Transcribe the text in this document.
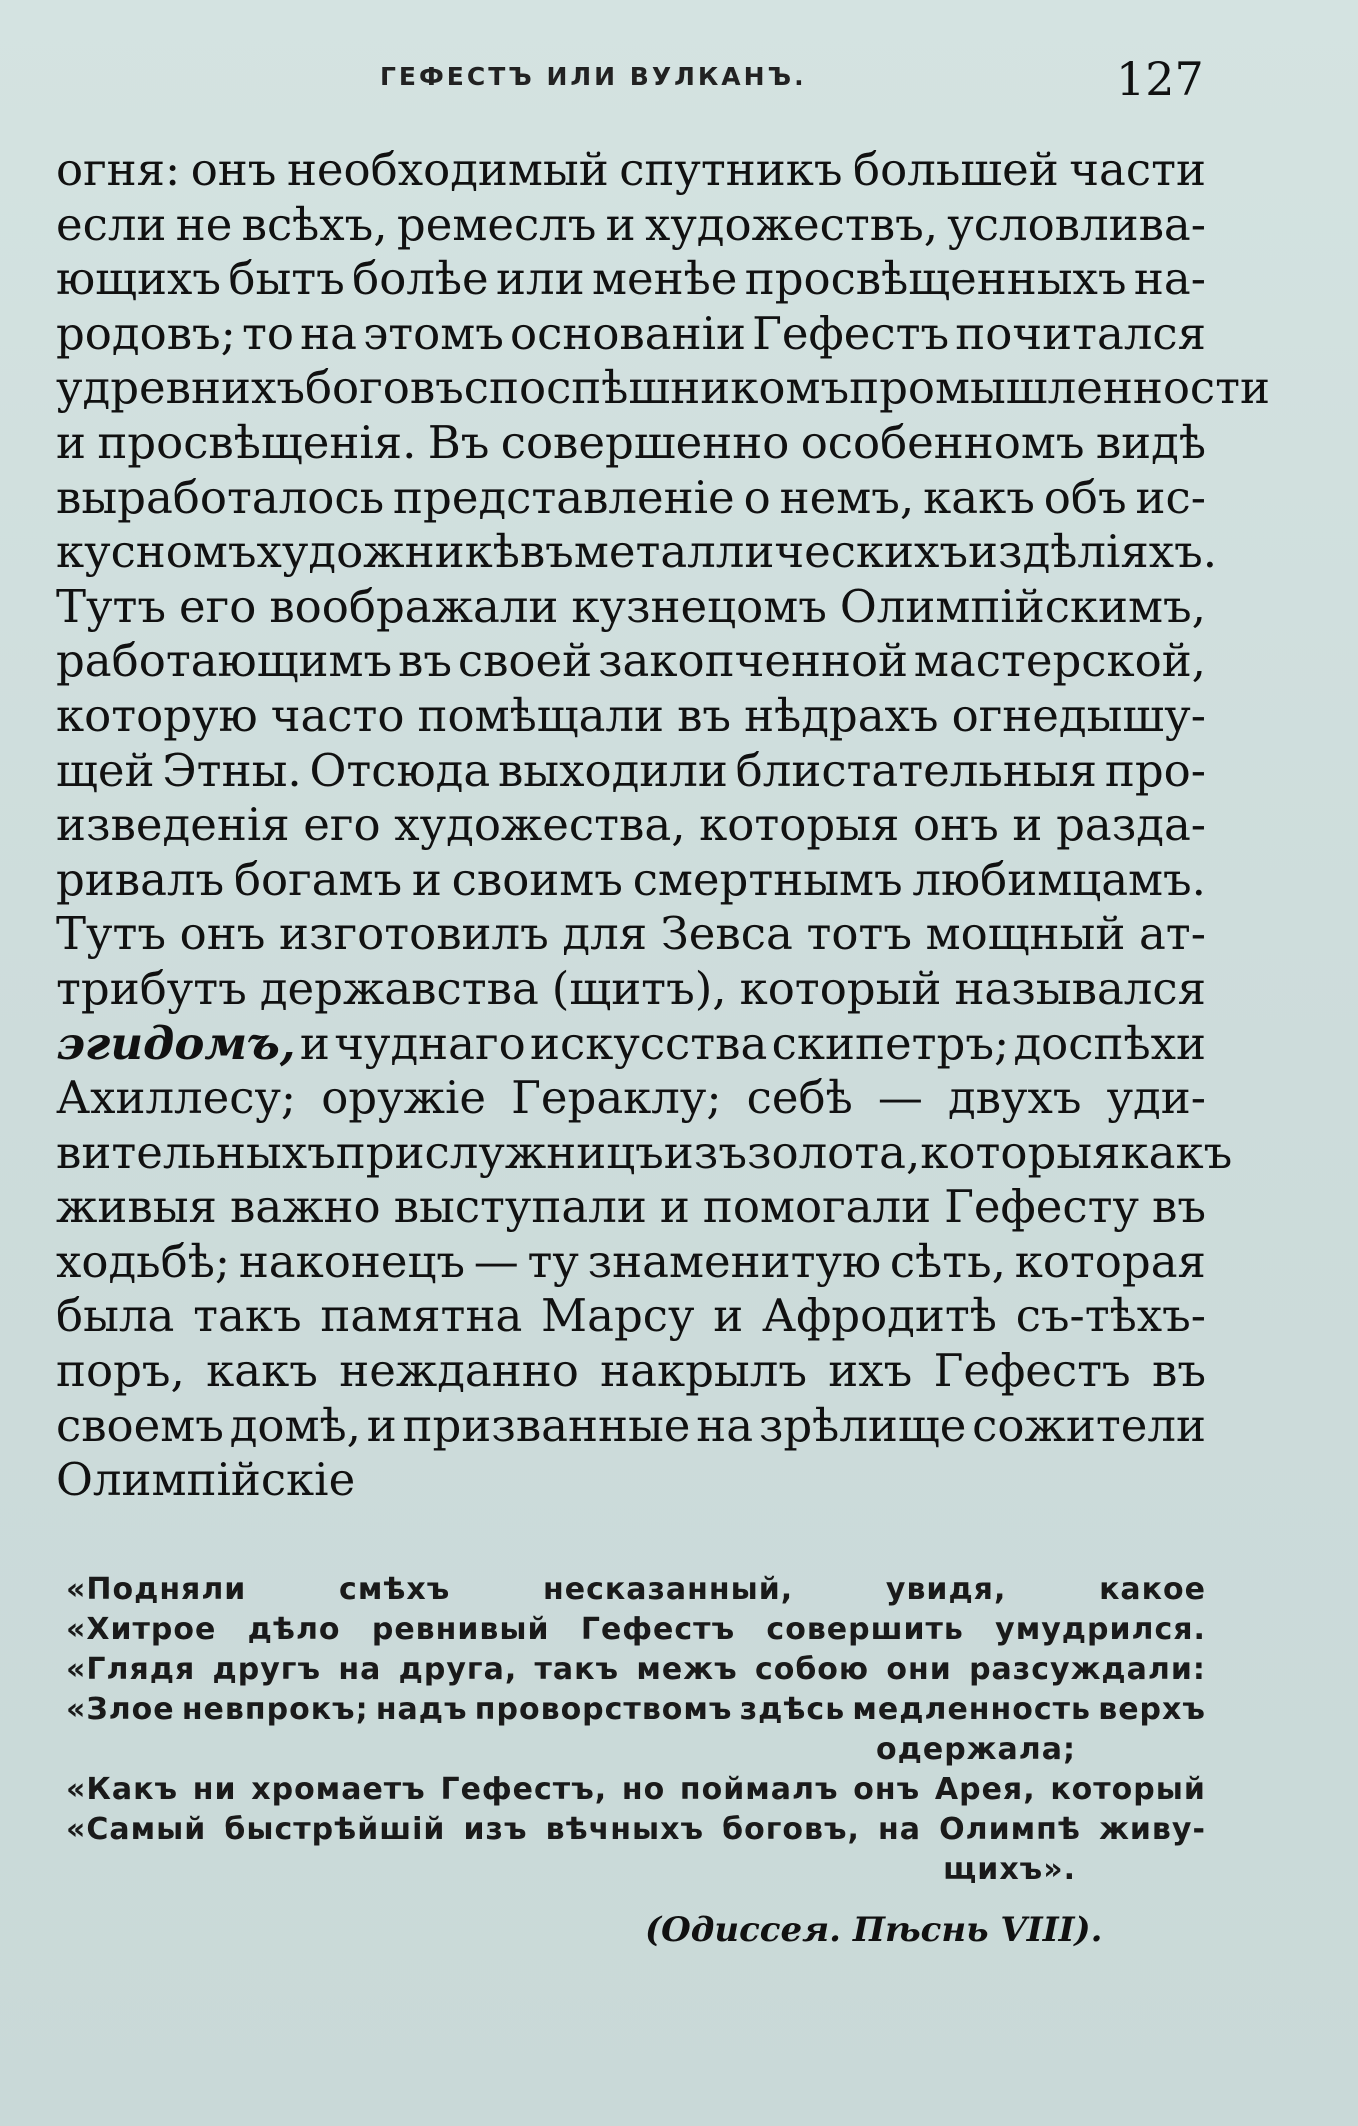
ГЕФЕСТЪ ИЛИ ВУЛКАНЪ.	127
огня: онъ необходимый спутникъ большей части
если не всѣхъ, ремеслъ и художествъ, условлива-
ющихъ бытъ болѣе или менѣе просвѣщенныхъ на-
родовъ; то на этомъ основаніи Гефестъ почитался
у древнихъ боговъ споспѣшникомъ промышленности
и просвѣщенія. Въ совершенно особенномъ видѣ
выработалось представленіе о немъ, какъ объ ис-
кусномъ художникѣ въ металлическихъ издѣліяхъ.
Тутъ его воображали кузнецомъ Олимпійскимъ,
работающимъ въ своей закопченной мастерской,
которую часто помѣщали въ нѣдрахъ огнедышу-
щей Этны. Отсюда выходили блистательныя про-
изведенія его художества, которыя онъ и разда-
ривалъ богамъ и своимъ смертнымъ любимцамъ.
Тутъ онъ изготовилъ для Зевса тотъ мощный ат-
трибутъ державства (щитъ), который назывался
эгидомъ, и чуднаго искусства скипетръ; доспѣхи
Ахиллесу; оружіе Гераклу; себѣ — двухъ уди-
вительныхъ прислужницъ изъ золота, которыя какъ
живыя важно выступали и помогали Гефесту въ
ходьбѣ; наконецъ — ту знаменитую сѣть, которая
была такъ памятна Марсу и Афродитѣ съ-тѣхъ-
поръ, какъ нежданно накрылъ ихъ Гефестъ въ
своемъ домѣ, и призванные на зрѣлище сожители
Олимпійскіе
«Подняли	смѣхъ	несказанный,	увидя,	какое
«Хитрое дѣло ревнивый Гефестъ совершить умудрился.
«Глядя другъ на друга, такъ межъ собою они разсуждали:
«Злое невпрокъ; надъ проворствомъ здѣсь медленность верхъ
одержала;
«Какъ ни хромаетъ Гефестъ, но поймалъ онъ Арея, который
«Самый быстрѣйшій изъ вѣчныхъ боговъ, на Олимпѣ живу-
щихъ».
(Одиссея. Пѣснь VIII).
